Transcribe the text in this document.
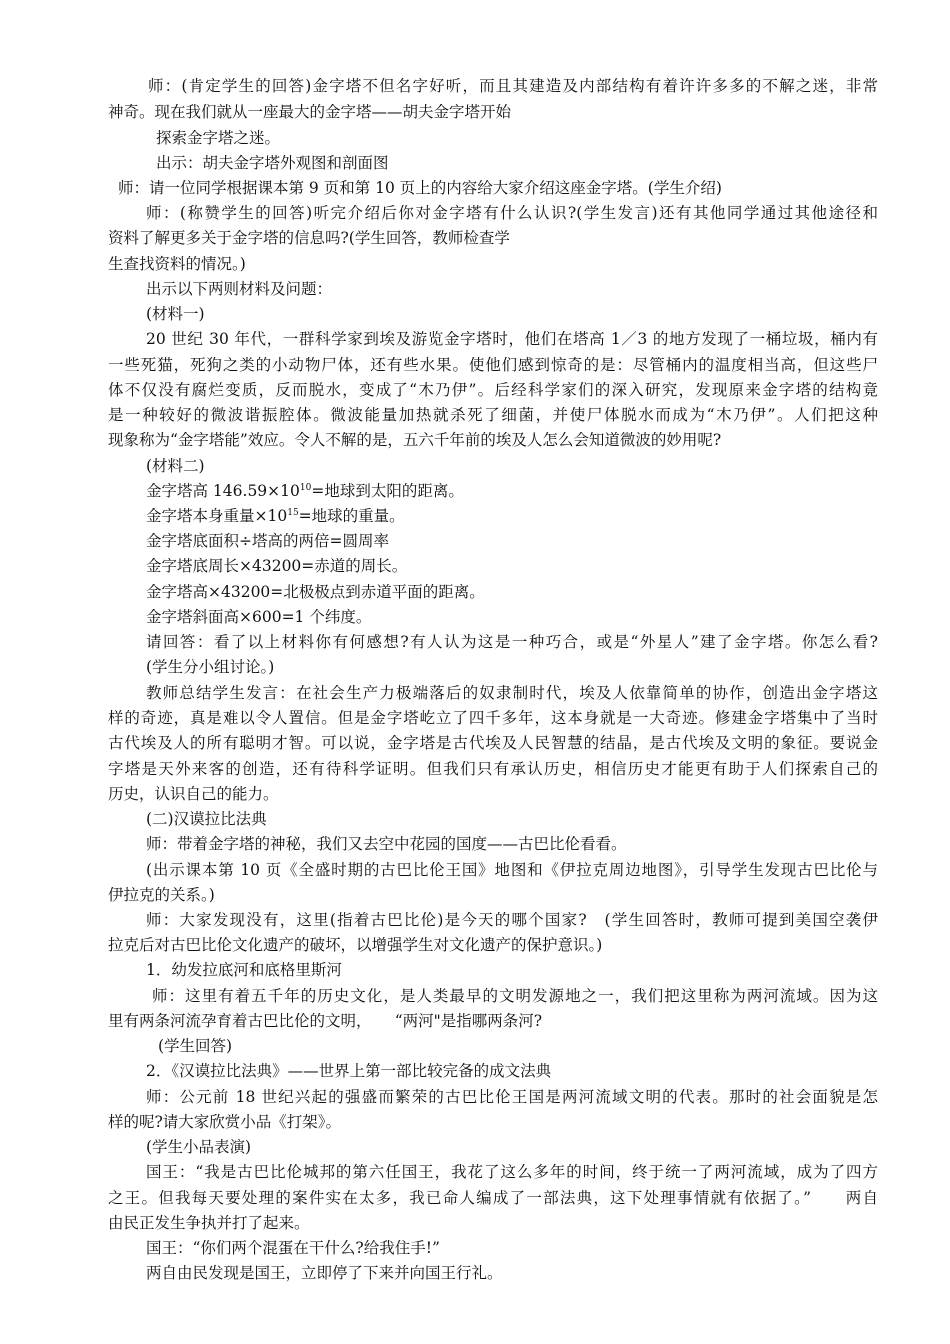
师：(肯定学生的回答)金字塔不但名字好听，而且其建造及内部结构有着许许多多的不解之迷，非常
神奇。现在我们就从一座最大的金字塔——胡夫金字塔开始
探索金字塔之迷。
出示：胡夫金字塔外观图和剖面图
师：请一位同学根据课本第 9 页和第 10 页上的内容给大家介绍这座金字塔。(学生介绍)
师：(称赞学生的回答)听完介绍后你对金字塔有什么认识?(学生发言)还有其他同学通过其他途径和
资料了解更多关于金字塔的信息吗?(学生回答，教师检查学
生查找资料的情况。)
出示以下两则材料及问题：
(材料一)
20 世纪 30 年代，一群科学家到埃及游览金字塔时，他们在塔高 1／3 的地方发现了一桶垃圾，桶内有
一些死猫，死狗之类的小动物尸体，还有些水果。使他们感到惊奇的是：尽管桶内的温度相当高，但这些尸
体不仅没有腐烂变质，反而脱水，变成了“木乃伊”。后经科学家们的深入研究，发现原来金字塔的结构竟
是一种较好的微波谐振腔体。微波能量加热就杀死了细菌，并使尸体脱水而成为“木乃伊”。人们把这种
现象称为“金字塔能”效应。令人不解的是，五六千年前的埃及人怎么会知道微波的妙用呢?
(材料二)
金字塔高 $146.59\times 10^{10}=$地球到太阳的距离。
金字塔本身重量$\times 10^{15}=$地球的重量。
金字塔底面积÷塔高的两倍=圆周率
金字塔底周长×43200=赤道的周长。
金字塔高×43200=北极极点到赤道平面的距离。
金字塔斜面高×600=1 个纬度。
请回答：看了以上材料你有何感想?有人认为这是一种巧合，或是“外星人”建了金字塔。你怎么看?
(学生分小组讨论。)
教师总结学生发言：在社会生产力极端落后的奴隶制时代，埃及人依靠简单的协作，创造出金字塔这
样的奇迹，真是难以令人置信。但是金字塔屹立了四千多年，这本身就是一大奇迹。修建金字塔集中了当时
古代埃及人的所有聪明才智。可以说，金字塔是古代埃及人民智慧的结晶，是古代埃及文明的象征。要说金
字塔是天外来客的创造，还有待科学证明。但我们只有承认历史，相信历史才能更有助于人们探索自己的
历史，认识自己的能力。
(二)汉谟拉比法典
师：带着金字塔的神秘，我们又去空中花园的国度——古巴比伦看看。
(出示课本第 10 页《全盛时期的古巴比伦王国》地图和《伊拉克周边地图》，引导学生发现古巴比伦与
伊拉克的关系。)
师：大家发现没有，这里(指着古巴比伦)是今天的哪个国家?　(学生回答时，教师可提到美国空袭伊
拉克后对古巴比伦文化遗产的破坏，以增强学生对文化遗产的保护意识。)
1．幼发拉底河和底格里斯河
师：这里有着五千年的历史文化，是人类最早的文明发源地之一，我们把这里称为两河流域。因为这
里有两条河流孕育着古巴比伦的文明，　　“两河"是指哪两条河?
(学生回答)
2．《汉谟拉比法典》——世界上第一部比较完备的成文法典
师：公元前 18 世纪兴起的强盛而繁荣的古巴比伦王国是两河流域文明的代表。那时的社会面貌是怎
样的呢?请大家欣赏小品《打架》。
(学生小品表演)
国王：“我是古巴比伦城邦的第六任国王，我花了这么多年的时间，终于统一了两河流域，成为了四方
之王。但我每天要处理的案件实在太多，我已命人编成了一部法典，这下处理事情就有依据了。”　　两自
由民正发生争执并打了起来。
国王：“你们两个混蛋在干什么?给我住手!”
两自由民发现是国王，立即停了下来并向国王行礼。
